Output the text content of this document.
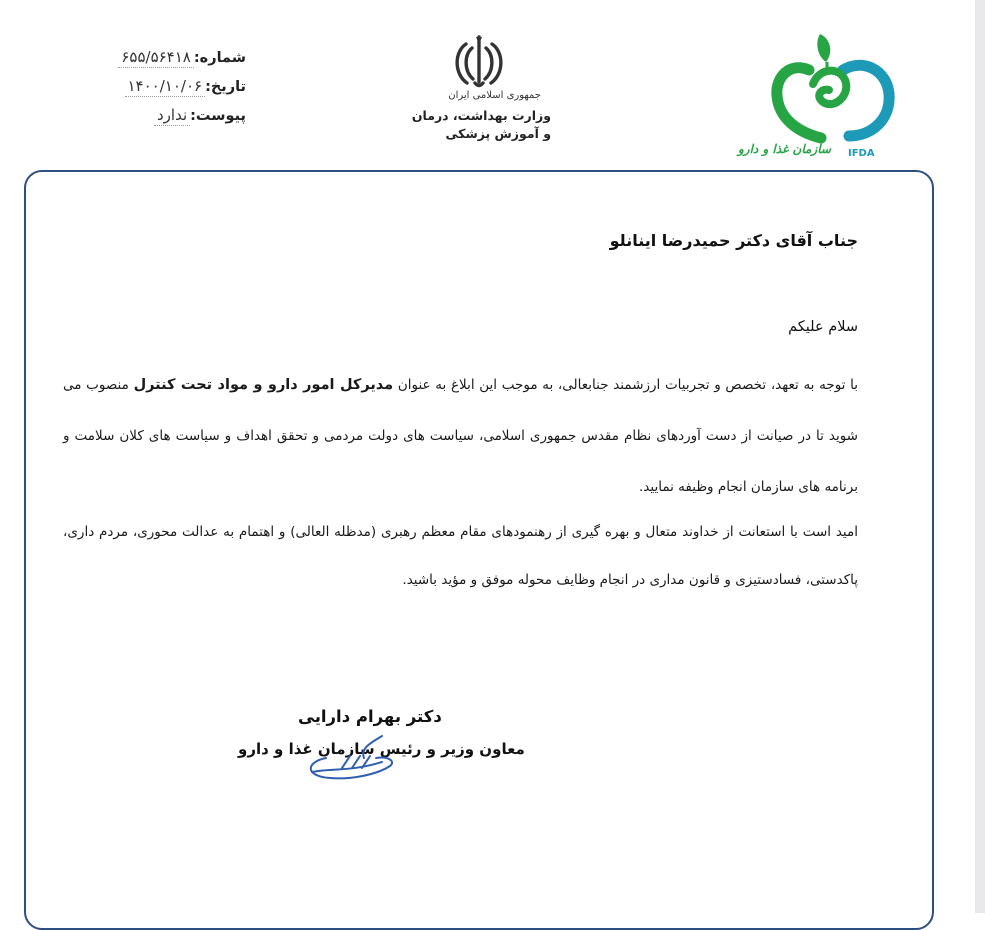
شماره:
۶۵۵/۵۶۴۱۸
تاریخ:
۱۴۰۰/۱۰/۰۶
پیوست:
ندارد
جمهوری اسلامی ایران
وزارت بهداشت، درمان
و آموزش پزشکی
سازمان غذا و دارو IFDA
جناب آقای دکتر حمیدرضا اینانلو
سلام علیکم
با توجه به تعهد، تخصص و تجربیات ارزشمند جنابعالی، به موجب این ابلاغ به عنوان مدیرکل امور دارو و مواد تحت کنترل منصوب می شوید تا در صیانت از دست آوردهای نظام مقدس جمهوری اسلامی، سیاست های دولت مردمی و تحقق اهداف و سیاست های کلان سلامت و برنامه های سازمان انجام وظیفه نمایید.
امید است با استعانت از خداوند متعال و بهره گیری از رهنمودهای مقام معظم رهبری (مدظله العالی) و اهتمام به عدالت محوری، مردم داری، پاکدستی، فسادستیزی و قانون مداری در انجام وظایف محوله موفق و مؤید باشید.
دکتر بهرام دارایی
معاون وزیر و رئیس سازمان غذا و دارو
